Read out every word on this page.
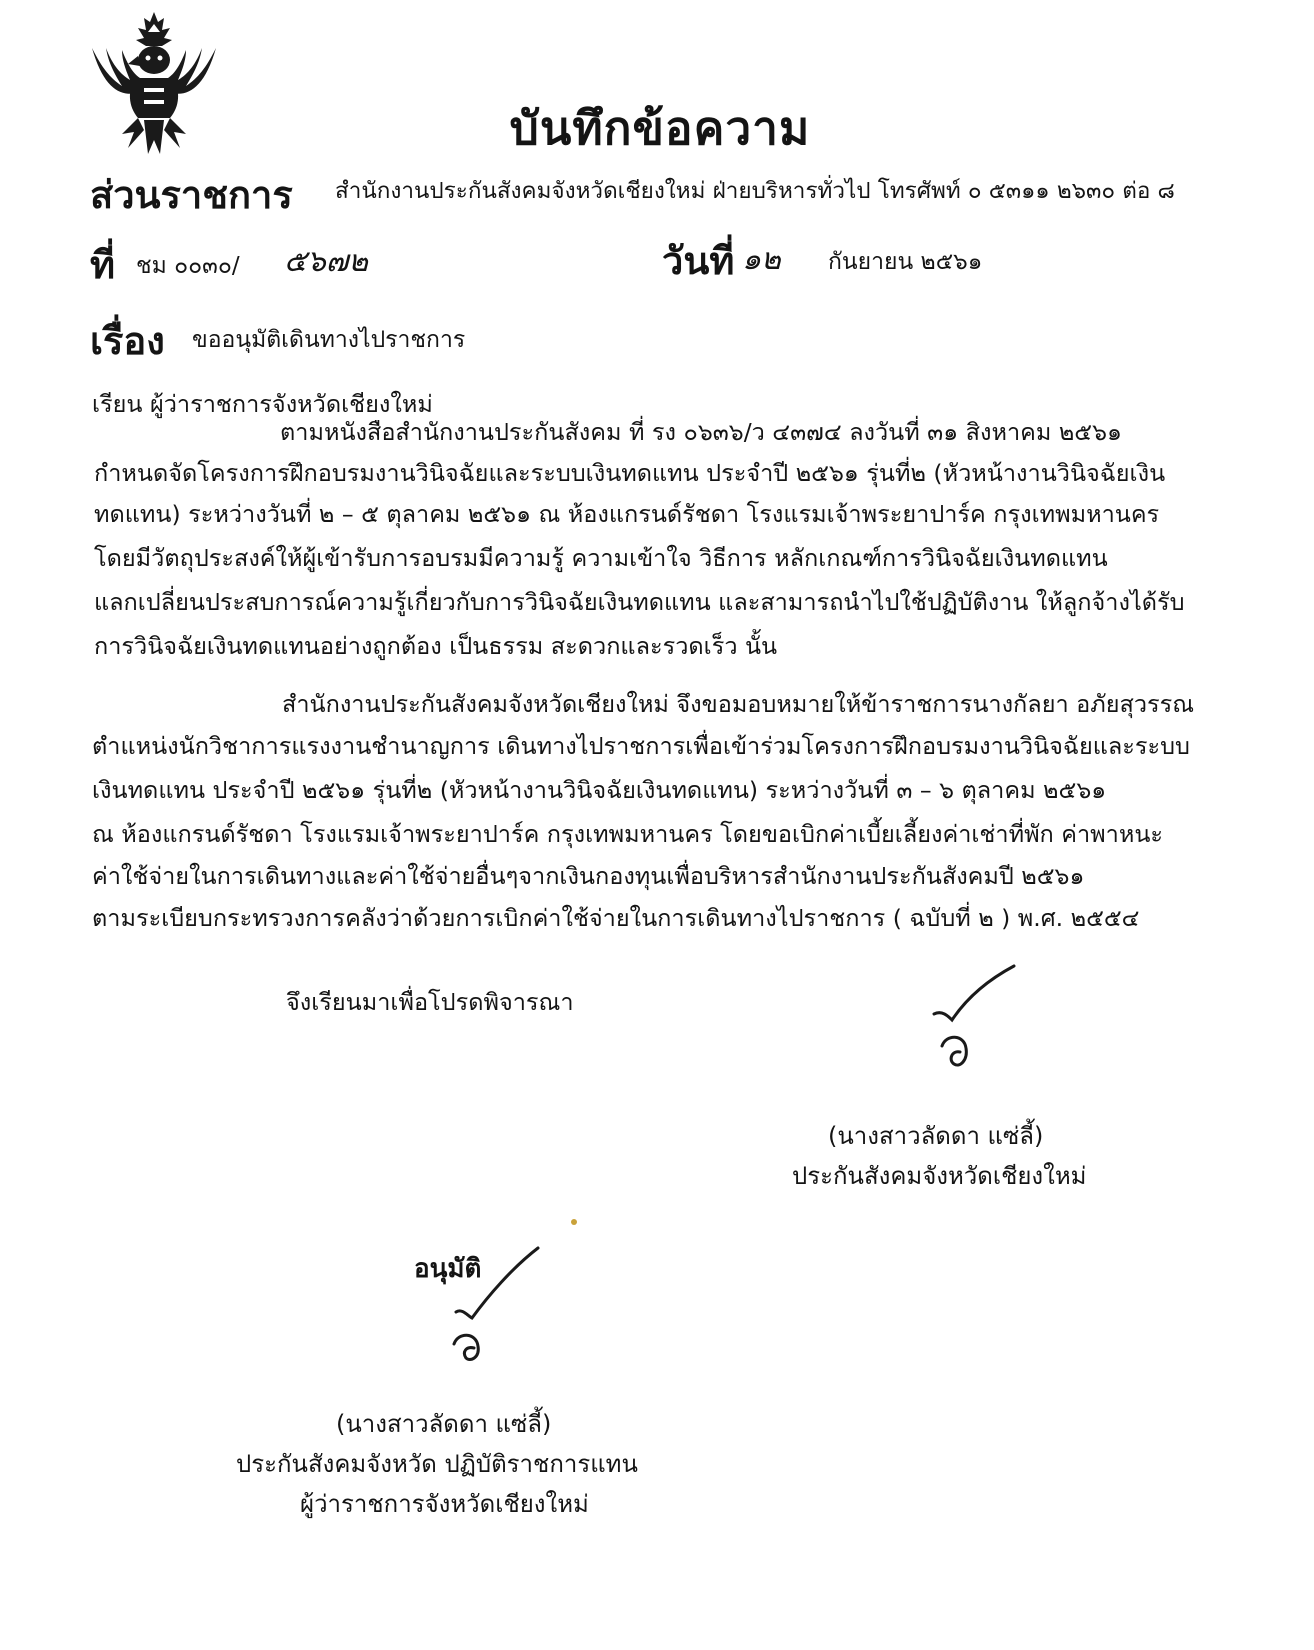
บันทึกข้อความ
ส่วนราชการ สำนักงานประกันสังคมจังหวัดเชียงใหม่ ฝ่ายบริหารทั่วไป โทรศัพท์ ๐ ๕๓๑๑ ๒๖๓๐ ต่อ ๘
ที่ ชม ๐๐๓๐/ ๕๖๗๒	วันที่ ๑๒ กันยายน ๒๕๖๑
เรื่อง ขออนุมัติเดินทางไปราชการ
เรียน ผู้ว่าราชการจังหวัดเชียงใหม่
ตามหนังสือสำนักงานประกันสังคม ที่ รง ๐๖๓๖/ว ๔๓๗๔ ลงวันที่ ๓๑ สิงหาคม ๒๕๖๑
กำหนดจัดโครงการฝึกอบรมงานวินิจฉัยและระบบเงินทดแทน ประจำปี ๒๕๖๑ รุ่นที่๒ (หัวหน้างานวินิจฉัยเงิน
ทดแทน) ระหว่างวันที่ ๒ – ๕ ตุลาคม ๒๕๖๑ ณ ห้องแกรนด์รัชดา โรงแรมเจ้าพระยาปาร์ค กรุงเทพมหานคร
โดยมีวัตถุประสงค์ให้ผู้เข้ารับการอบรมมีความรู้ ความเข้าใจ วิธีการ หลักเกณฑ์การวินิจฉัยเงินทดแทน
แลกเปลี่ยนประสบการณ์ความรู้เกี่ยวกับการวินิจฉัยเงินทดแทน และสามารถนำไปใช้ปฏิบัติงาน ให้ลูกจ้างได้รับ
การวินิจฉัยเงินทดแทนอย่างถูกต้อง เป็นธรรม สะดวกและรวดเร็ว นั้น
สำนักงานประกันสังคมจังหวัดเชียงใหม่ จึงขอมอบหมายให้ข้าราชการนางกัลยา อภัยสุวรรณ
ตำแหน่งนักวิชาการแรงงานชำนาญการ เดินทางไปราชการเพื่อเข้าร่วมโครงการฝึกอบรมงานวินิจฉัยและระบบ
เงินทดแทน ประจำปี ๒๕๖๑ รุ่นที่๒ (หัวหน้างานวินิจฉัยเงินทดแทน) ระหว่างวันที่ ๓ – ๖ ตุลาคม ๒๕๖๑
ณ ห้องแกรนด์รัชดา โรงแรมเจ้าพระยาปาร์ค กรุงเทพมหานคร โดยขอเบิกค่าเบี้ยเลี้ยงค่าเช่าที่พัก ค่าพาหนะ
ค่าใช้จ่ายในการเดินทางและค่าใช้จ่ายอื่นๆจากเงินกองทุนเพื่อบริหารสำนักงานประกันสังคมปี ๒๕๖๑
ตามระเบียบกระทรวงการคลังว่าด้วยการเบิกค่าใช้จ่ายในการเดินทางไปราชการ ( ฉบับที่ ๒ ) พ.ศ. ๒๕๕๔
จึงเรียนมาเพื่อโปรดพิจารณา
(นางสาวลัดดา แซ่ลี้)
ประกันสังคมจังหวัดเชียงใหม่
อนุมัติ
(นางสาวลัดดา แซ่ลี้)
ประกันสังคมจังหวัด ปฏิบัติราชการแทน
ผู้ว่าราชการจังหวัดเชียงใหม่
